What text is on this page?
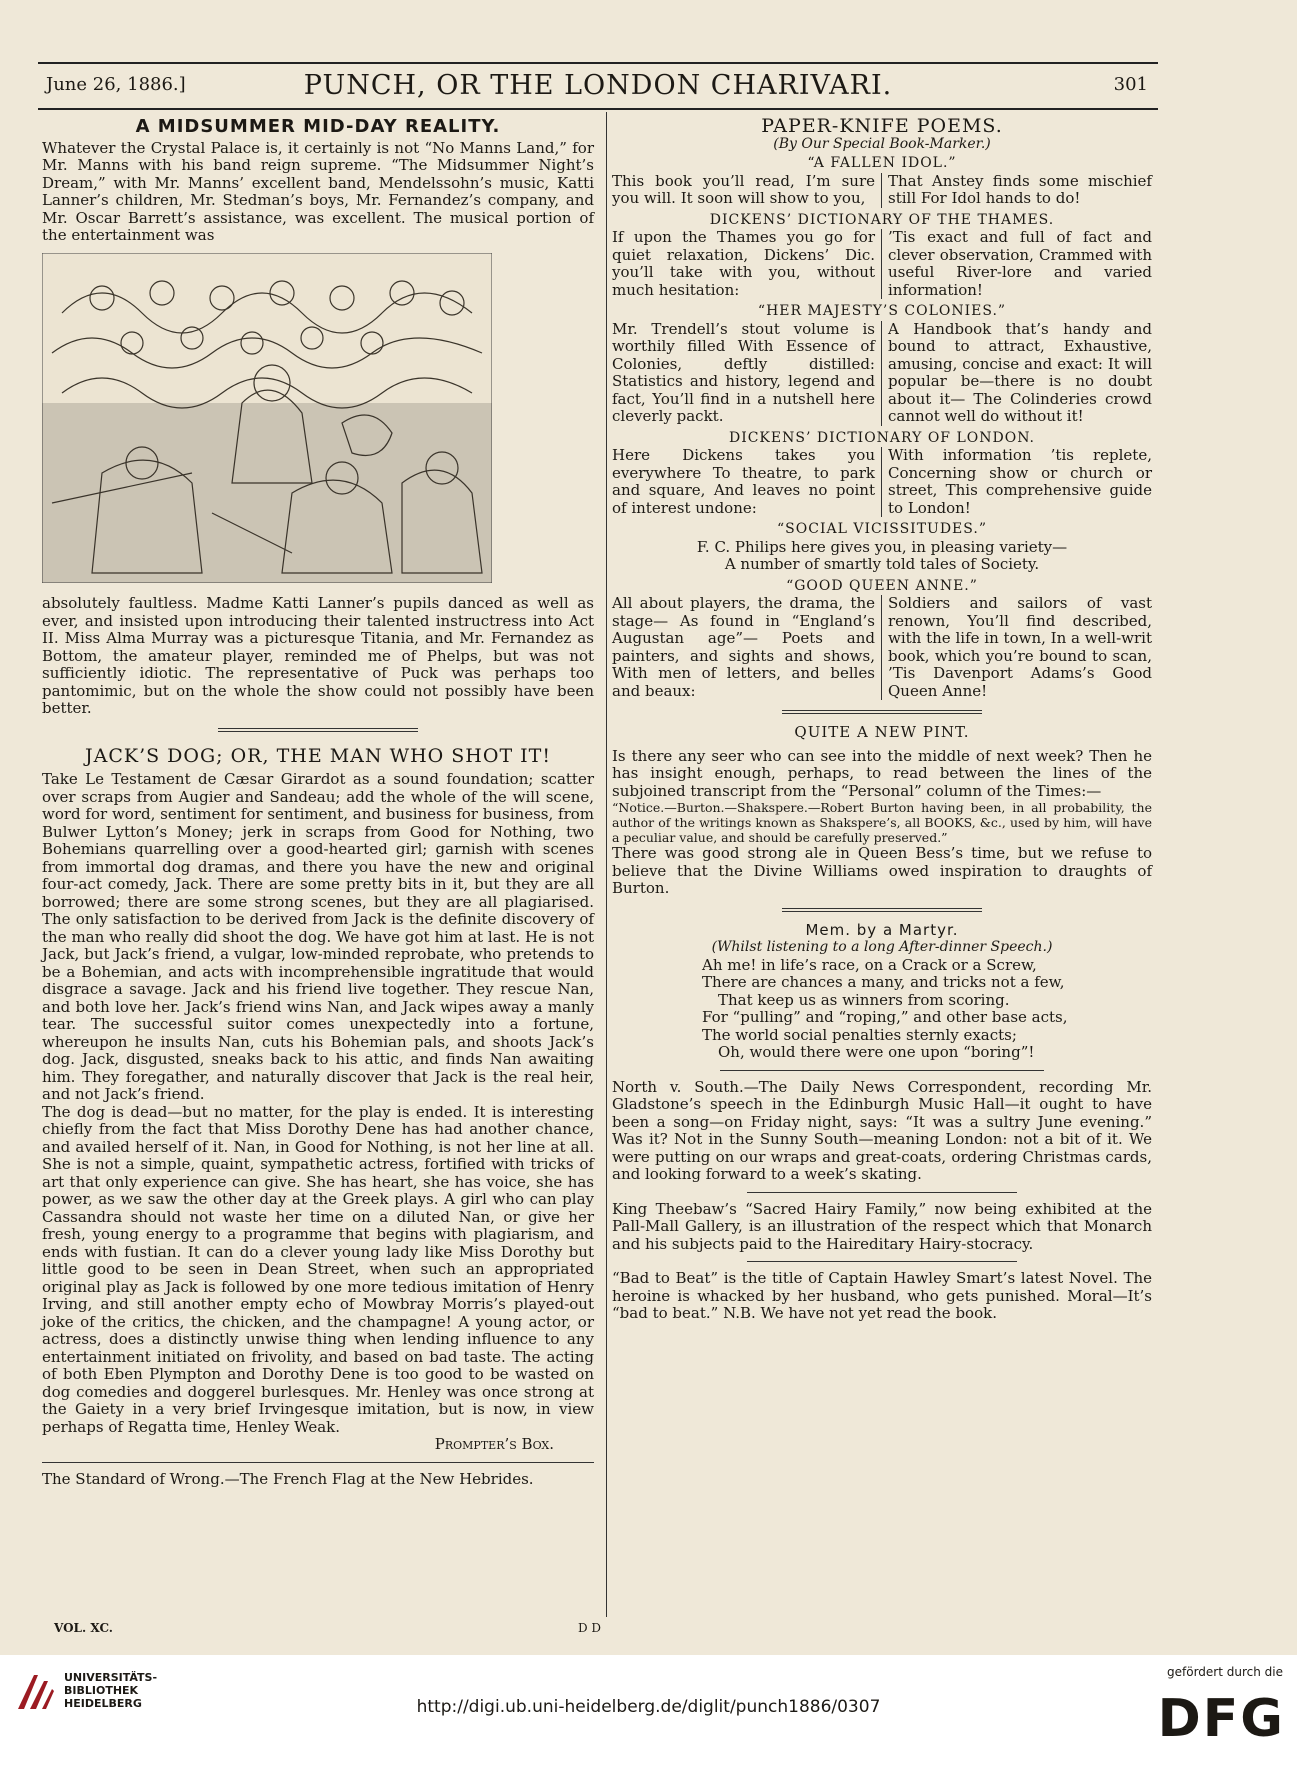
June 26, 1886.]	PUNCH, OR THE LONDON CHARIVARI.	301
A MIDSUMMER MID-DAY REALITY.

Whatever the Crystal Palace is, it certainly is not “No Manns Land,” for Mr. Manns with his band reign supreme. “The Midsummer Night’s Dream,” with Mr. Manns’ excellent band, Mendelssohn’s music, Katti Lanner’s children, Mr. Stedman’s boys, Mr. Fernandez’s company, and Mr. Oscar Barrett’s assistance, was excellent. The musical portion of the entertainment was

absolutely faultless. Madme Katti Lanner’s pupils danced as well as ever, and insisted upon introducing their talented instructress into Act II. Miss Alma Murray was a picturesque Titania, and Mr. Fernandez as Bottom, the amateur player, reminded me of Phelps, but was not sufficiently idiotic. The representative of Puck was perhaps too pantomimic, but on the whole the show could not possibly have been better.

JACK’S DOG; OR, THE MAN WHO SHOT IT!

Take Le Testament de Cæsar Girardot as a sound foundation; scatter over scraps from Augier and Sandeau; add the whole of the will scene, word for word, sentiment for sentiment, and business for business, from Bulwer Lytton’s Money; jerk in scraps from Good for Nothing, two Bohemians quarrelling over a good-hearted girl; garnish with scenes from immortal dog dramas, and there you have the new and original four-act comedy, Jack. There are some pretty bits in it, but they are all borrowed; there are some strong scenes, but they are all plagiarised. The only satisfaction to be derived from Jack is the definite discovery of the man who really did shoot the dog. We have got him at last. He is not Jack, but Jack’s friend, a vulgar, low-minded reprobate, who pretends to be a Bohemian, and acts with incomprehensible ingratitude that would disgrace a savage. Jack and his friend live together. They rescue Nan, and both love her. Jack’s friend wins Nan, and Jack wipes away a manly tear. The successful suitor comes unexpectedly into a fortune, whereupon he insults Nan, cuts his Bohemian pals, and shoots Jack’s dog. Jack, disgusted, sneaks back to his attic, and finds Nan awaiting him. They foregather, and naturally discover that Jack is the real heir, and not Jack’s friend.

The dog is dead—but no matter, for the play is ended. It is interesting chiefly from the fact that Miss Dorothy Dene has had another chance, and availed herself of it. Nan, in Good for Nothing, is not her line at all. She is not a simple, quaint, sympathetic actress, fortified with tricks of art that only experience can give. She has heart, she has voice, she has power, as we saw the other day at the Greek plays. A girl who can play Cassandra should not waste her time on a diluted Nan, or give her fresh, young energy to a programme that begins with plagiarism, and ends with fustian. It can do a clever young lady like Miss Dorothy but little good to be seen in Dean Street, when such an appropriated original play as Jack is followed by one more tedious imitation of Henry Irving, and still another empty echo of Mowbray Morris’s played-out joke of the critics, the chicken, and the champagne! A young actor, or actress, does a distinctly unwise thing when lending influence to any entertainment initiated on frivolity, and based on bad taste. The acting of both Eben Plympton and Dorothy Dene is too good to be wasted on dog comedies and doggerel burlesques. Mr. Henley was once strong at the Gaiety in a very brief Irvingesque imitation, but is now, in view perhaps of Regatta time, Henley Weak.

Prompter’s Box.

The Standard of Wrong.—The French Flag at the New Hebrides.

PAPER-KNIFE POEMS.
(By Our Special Book-Marker.)
“A FALLEN IDOL.”
This book you’ll read, I’m sure you will. It soon will show to you,
That Anstey finds some mischief still For Idol hands to do!
DICKENS’ DICTIONARY OF THE THAMES.
If upon the Thames you go for quiet relaxation, Dickens’ Dic. you’ll take with you, without much hesitation:
’Tis exact and full of fact and clever observation, Crammed with useful River-lore and varied information!
“HER MAJESTY’S COLONIES.”
Mr. Trendell’s stout volume is worthily filled With Essence of Colonies, deftly distilled: Statistics and history, legend and fact, You’ll find in a nutshell here cleverly packt.
A Handbook that’s handy and bound to attract, Exhaustive, amusing, concise and exact: It will popular be—there is no doubt about it— The Colinderies crowd cannot well do without it!
DICKENS’ DICTIONARY OF LONDON.
Here Dickens takes you everywhere To theatre, to park and square, And leaves no point of interest undone:
With information ’tis replete, Concerning show or church or street, This comprehensive guide to London!
“SOCIAL VICISSITUDES.”

F. C. Philips here gives you, in pleasing variety—

A number of smartly told tales of Society.

“GOOD QUEEN ANNE.”
All about players, the drama, the stage— As found in “England’s Augustan age”— Poets and painters, and sights and shows, With men of letters, and belles and beaux:
Soldiers and sailors of vast renown, You’ll find described, with the life in town, In a well-writ book, which you’re bound to scan, ’Tis Davenport Adams’s Good Queen Anne!
QUITE A NEW PINT.

Is there any seer who can see into the middle of next week? Then he has insight enough, perhaps, to read between the lines of the subjoined transcript from the “Personal” column of the Times:—

“Notice.—Burton.—Shakspere.—Robert Burton having been, in all probability, the author of the writings known as Shakspere’s, all BOOKS, &c., used by him, will have a peculiar value, and should be carefully preserved.”

There was good strong ale in Queen Bess’s time, but we refuse to believe that the Divine Williams owed inspiration to draughts of Burton.

Mem. by a Martyr.
(Whilst listening to a long After-dinner Speech.)

Ah me! in life’s race, on a Crack or a Screw,

There are chances a many, and tricks not a few,

That keep us as winners from scoring.

For “pulling” and “roping,” and other base acts,

The world social penalties sternly exacts;

Oh, would there were one upon “boring”!

North v. South.—The Daily News Correspondent, recording Mr. Gladstone’s speech in the Edinburgh Music Hall—it ought to have been a song—on Friday night, says: “It was a sultry June evening.” Was it? Not in the Sunny South—meaning London: not a bit of it. We were putting on our wraps and great-coats, ordering Christmas cards, and looking forward to a week’s skating.

King Theebaw’s “Sacred Hairy Family,” now being exhibited at the Pall-Mall Gallery, is an illustration of the respect which that Monarch and his subjects paid to the Haireditary Hairy-stocracy.

“Bad to Beat” is the title of Captain Hawley Smart’s latest Novel. The heroine is whacked by her husband, who gets punished. Moral—It’s “bad to beat.” N.B. We have not yet read the book.

VOL. XC.	D D
UNIVERSITÄTS-
BIBLIOTHEK
HEIDELBERG	http://digi.ub.uni-heidelberg.de/diglit/punch1886/0307
gefördert durch die
DFG
